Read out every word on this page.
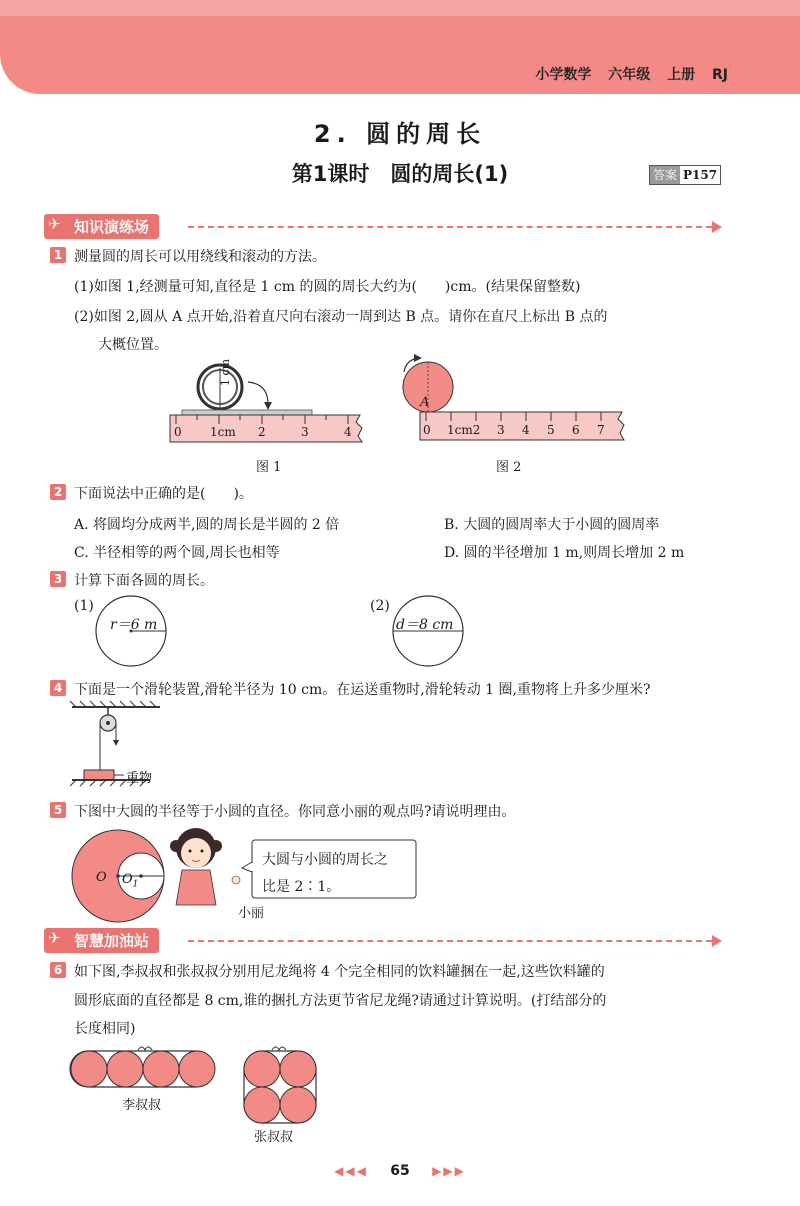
小学数学 六年级 上册 RJ
2. 圆的周长
第1课时　圆的周长(1)	答案 P157
✈ 知识演练场
1 测量圆的周长可以用绕线和滚动的方法。
(1)如图 1,经测量可知,直径是 1 cm 的圆的周长大约为(　　)cm。(结果保留整数)
(2)如图 2,圆从 A 点开始,沿着直尺向右滚动一周到达 B 点。请你在直尺上标出 B 点的
大概位置。
1 cm
0 1cm 2	3	4
图 1
A
0 1cm2 3 4 5 6 7
图 2
2 下面说法中正确的是(　　)。
A. 将圆均分成两半,圆的周长是半圆的 2 倍	B. 大圆的圆周率大于小圆的圆周率
C. 半径相等的两个圆,周长也相等	D. 圆的半径增加 1 m,则周长增加 2 m
3 计算下面各圆的周长。
(1)	(2)
r＝6 m	d＝8 cm
4 下面是一个滑轮装置,滑轮半径为 10 cm。在运送重物时,滑轮转动 1 圈,重物将上升多少厘米?
重物
5 下图中大圆的半径等于小圆的直径。你同意小丽的观点吗?请说明理由。
O $O_1$
大圆与小圆的周长之
比是 2∶1。
小丽
✈ 智慧加油站
6 如下图,李叔叔和张叔叔分别用尼龙绳将 4 个完全相同的饮料罐捆在一起,这些饮料罐的
圆形底面的直径都是 8 cm,谁的捆扎方法更节省尼龙绳?请通过计算说明。(打结部分的
长度相同)
李叔叔
张叔叔
◀◀◀ 65 ▶▶▶
